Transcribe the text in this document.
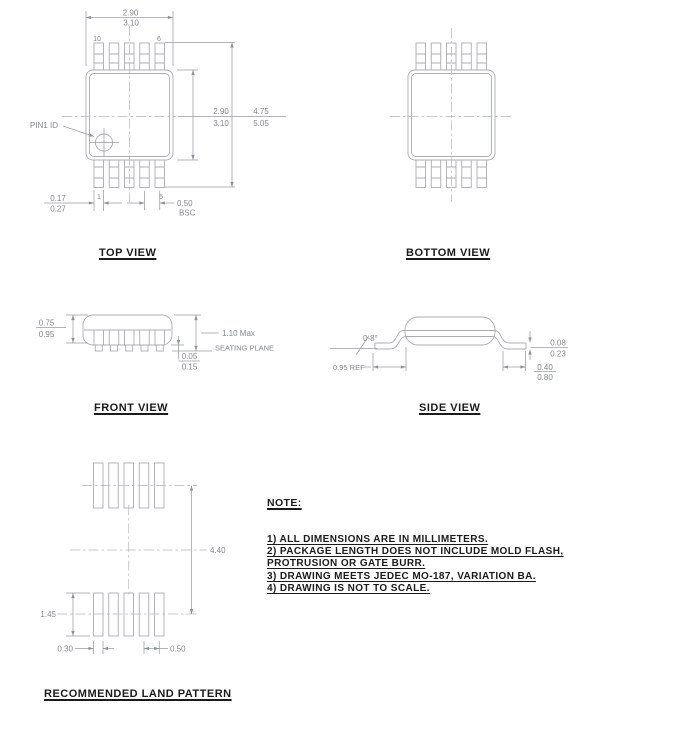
2.90
3.10
10	6
PIN1 ID
2.90
3.10
4.75
5.05
1	5
0.17
0.27
0.50
BSC
0.75
0.95	1.10 Max
SEATING PLANE
0.05
0.15
0-8°
0.95 REF
0.08
0.23
0.40
0.80
4.40
1.45
0.30	0.50
TOP VIEW	BOTTOM VIEW
FRONT VIEW	SIDE VIEW
RECOMMENDED LAND PATTERN
NOTE:
1) ALL DIMENSIONS ARE IN MILLIMETERS.
2) PACKAGE LENGTH DOES NOT INCLUDE MOLD FLASH,
PROTRUSION OR GATE BURR.
3) DRAWING MEETS JEDEC MO-187, VARIATION BA.
4) DRAWING IS NOT TO SCALE.
